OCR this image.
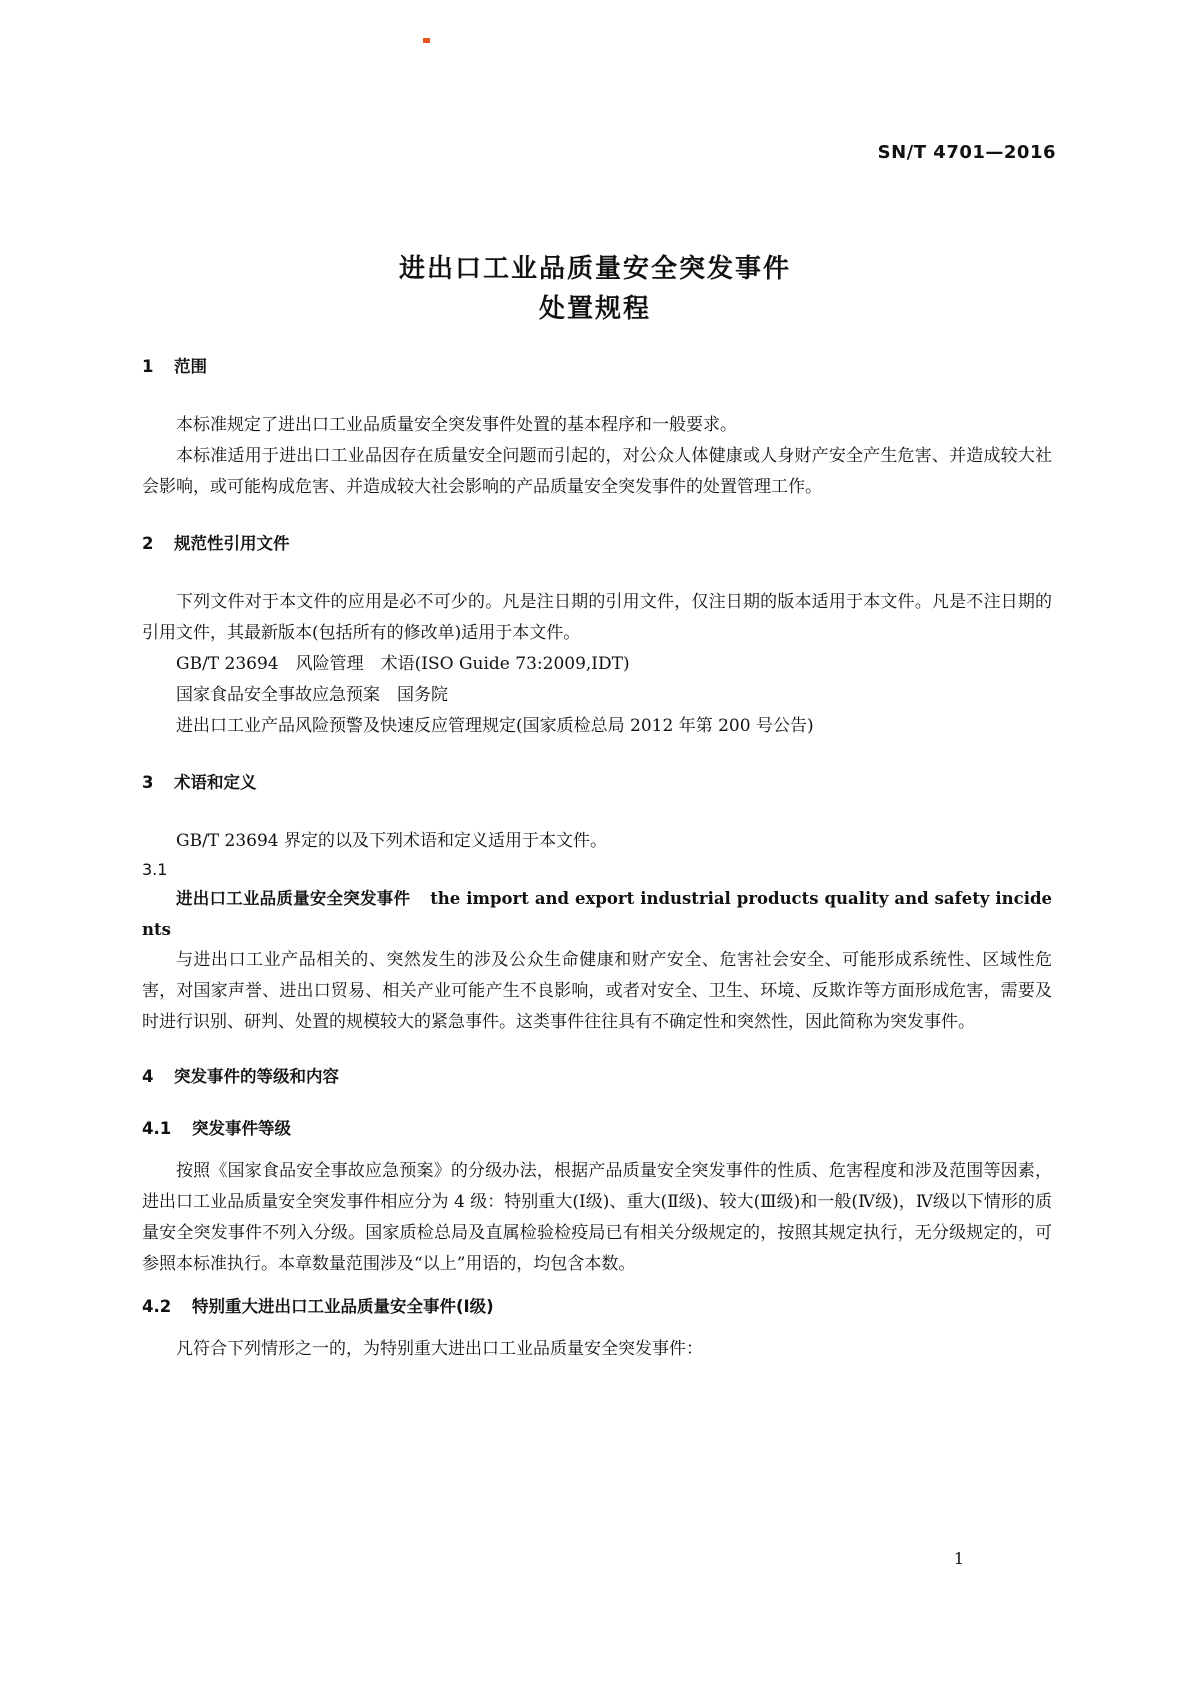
SN/T 4701—2016
进出口工业品质量安全突发事件
处置规程
1 范围

本标准规定了进出口工业品质量安全突发事件处置的基本程序和一般要求。

本标准适用于进出口工业品因存在质量安全问题而引起的，对公众人体健康或人身财产安全产生危害、并造成较大社会影响，或可能构成危害、并造成较大社会影响的产品质量安全突发事件的处置管理工作。

2 规范性引用文件

下列文件对于本文件的应用是必不可少的。凡是注日期的引用文件，仅注日期的版本适用于本文件。凡是不注日期的引用文件，其最新版本(包括所有的修改单)适用于本文件。

GB/T 23694　风险管理　术语(ISO Guide 73:2009,IDT)
国家食品安全事故应急预案　国务院
进出口工业产品风险预警及快速反应管理规定(国家质检总局 2012 年第 200 号公告)
3 术语和定义

GB/T 23694 界定的以及下列术语和定义适用于本文件。

3.1
进出口工业品质量安全突发事件 the import and export industrial products quality and safety incidents

与进出口工业产品相关的、突然发生的涉及公众生命健康和财产安全、危害社会安全、可能形成系统性、区域性危害，对国家声誉、进出口贸易、相关产业可能产生不良影响，或者对安全、卫生、环境、反欺诈等方面形成危害，需要及时进行识别、研判、处置的规模较大的紧急事件。这类事件往往具有不确定性和突然性，因此简称为突发事件。

4 突发事件的等级和内容
4.1 突发事件等级

按照《国家食品安全事故应急预案》的分级办法，根据产品质量安全突发事件的性质、危害程度和涉及范围等因素，进出口工业品质量安全突发事件相应分为 4 级：特别重大(Ⅰ级)、重大(Ⅱ级)、较大(Ⅲ级)和一般(Ⅳ级)，Ⅳ级以下情形的质量安全突发事件不列入分级。国家质检总局及直属检验检疫局已有相关分级规定的，按照其规定执行，无分级规定的，可参照本标准执行。本章数量范围涉及“以上”用语的，均包含本数。

4.2 特别重大进出口工业品质量安全事件(Ⅰ级)

凡符合下列情形之一的，为特别重大进出口工业品质量安全突发事件：

1
